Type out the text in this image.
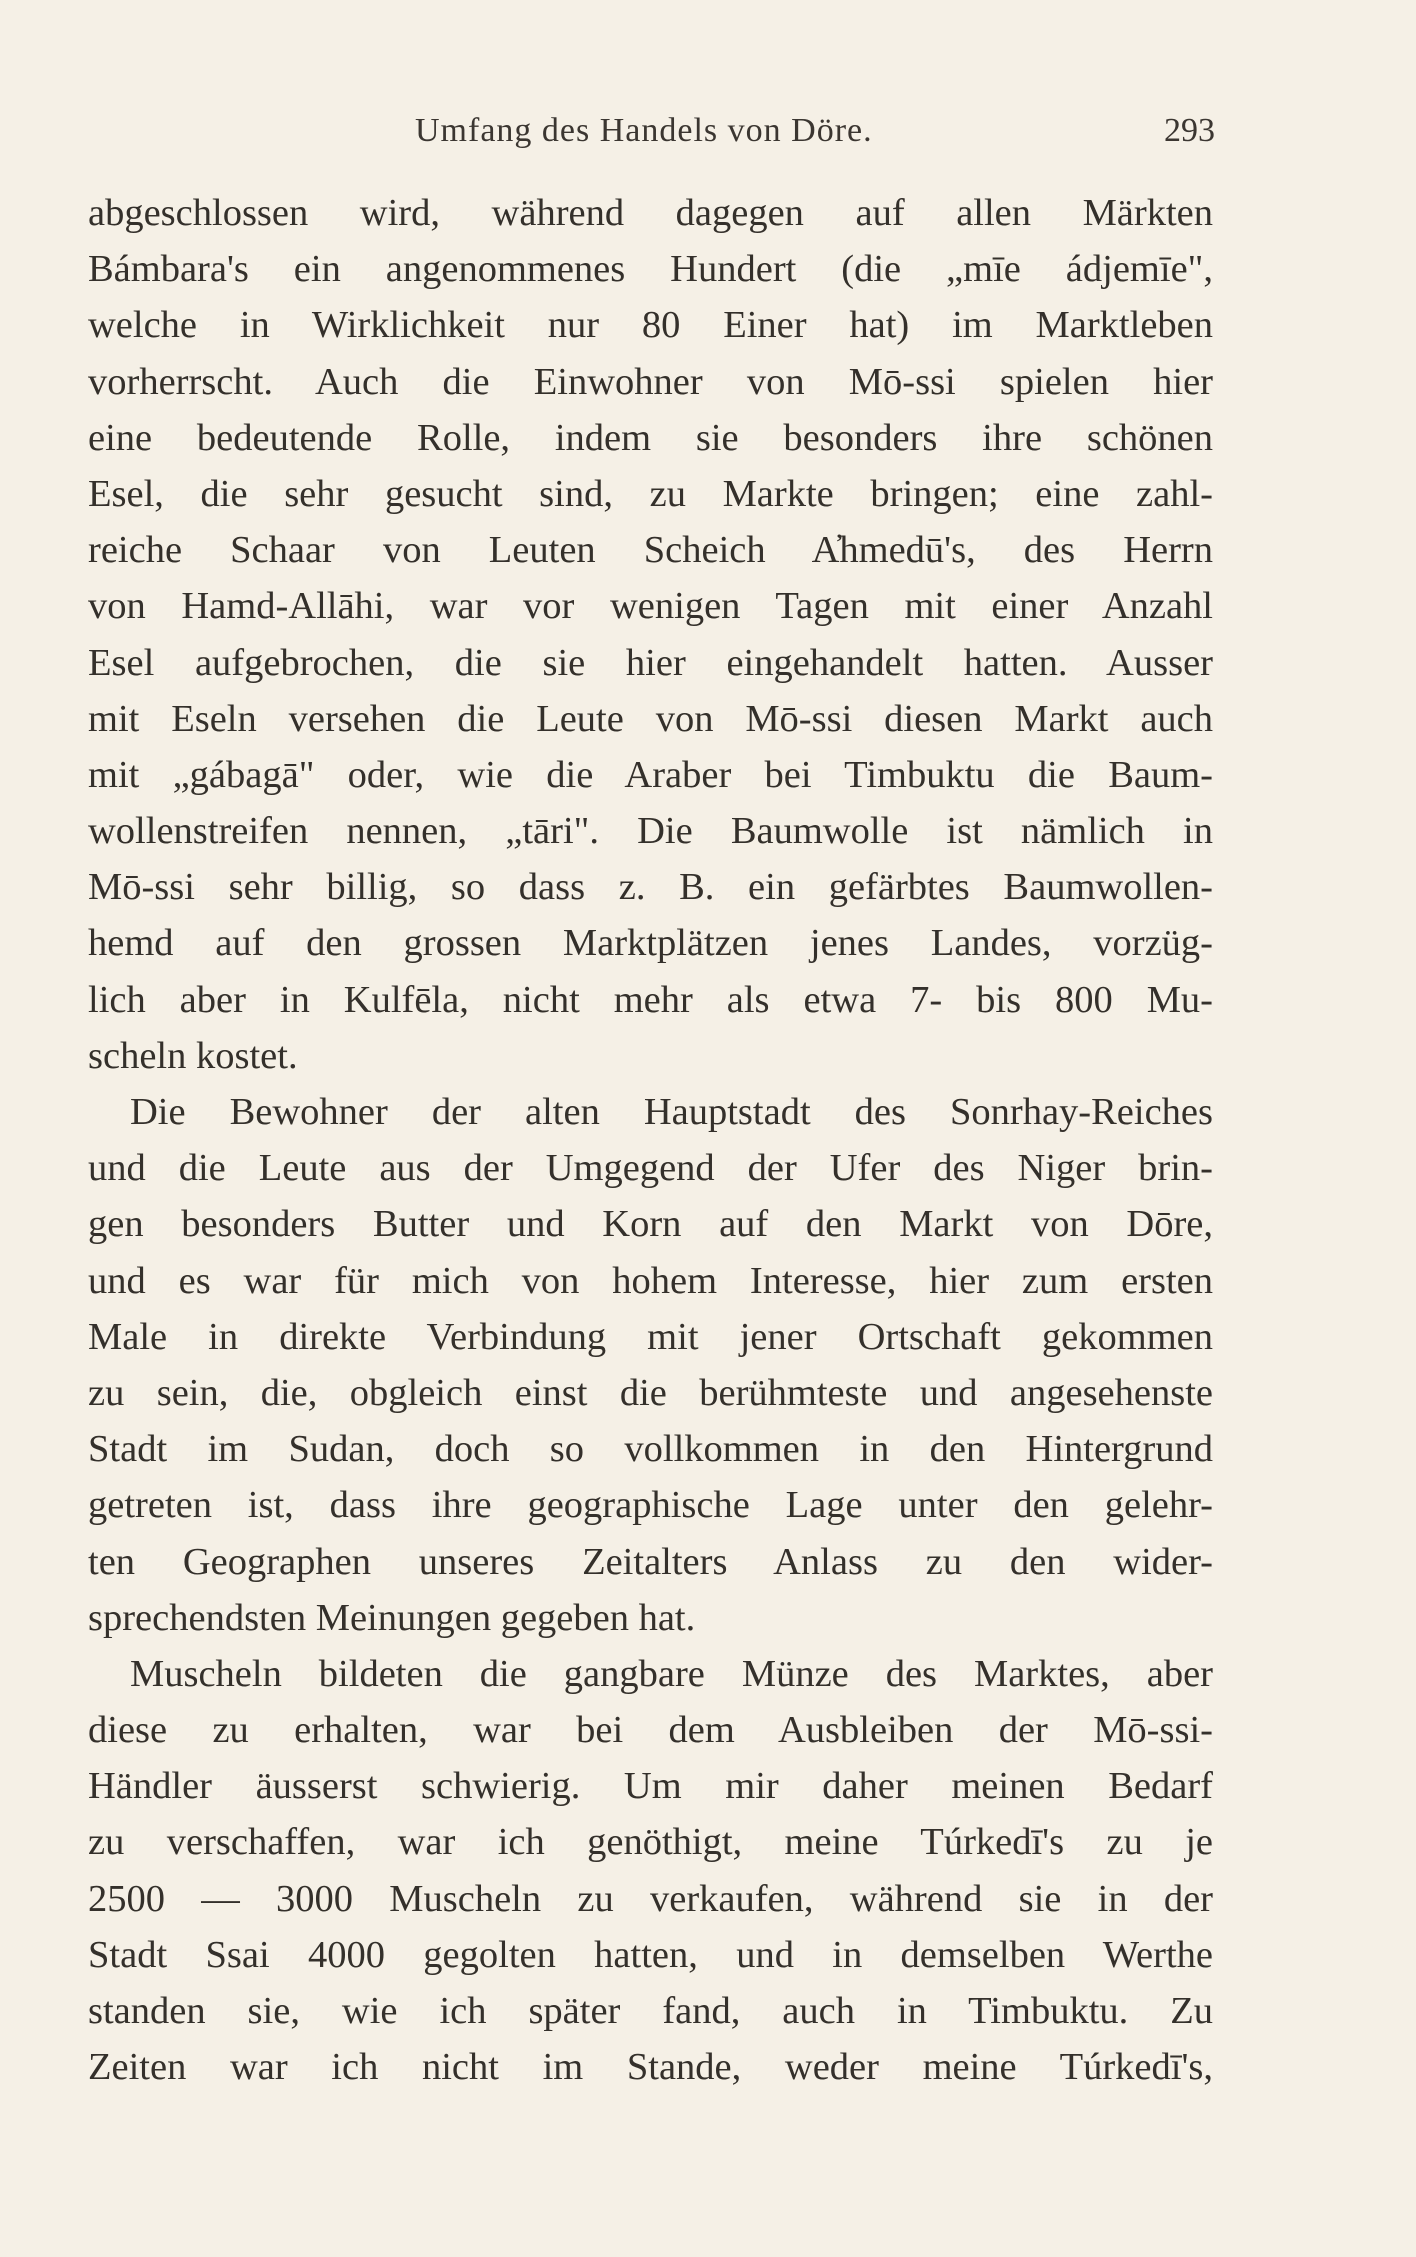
Umfang des Handels von Döre.	293
abgeschlossen wird, während dagegen auf allen Märkten
Bámbara's ein angenommenes Hundert (die „mīe ádjemīe",
welche in Wirklichkeit nur 80 Einer hat) im Marktleben
vorherrscht. Auch die Einwohner von Mō-ssi spielen hier
eine bedeutende Rolle, indem sie besonders ihre schönen
Esel, die sehr gesucht sind, zu Markte bringen; eine zahl-
reiche Schaar von Leuten Scheich A̓hmedū's, des Herrn
von Hamd-Allāhi, war vor wenigen Tagen mit einer Anzahl
Esel aufgebrochen, die sie hier eingehandelt hatten. Ausser
mit Eseln versehen die Leute von Mō-ssi diesen Markt auch
mit „gábagā" oder, wie die Araber bei Timbuktu die Baum-
wollenstreifen nennen, „tāri". Die Baumwolle ist nämlich in
Mō-ssi sehr billig, so dass z. B. ein gefärbtes Baumwollen-
hemd auf den grossen Marktplätzen jenes Landes, vorzüg-
lich aber in Kulfēla, nicht mehr als etwa 7- bis 800 Mu-
scheln kostet.
Die Bewohner der alten Hauptstadt des Sonrhay-Reiches
und die Leute aus der Umgegend der Ufer des Niger brin-
gen besonders Butter und Korn auf den Markt von Dōre,
und es war für mich von hohem Interesse, hier zum ersten
Male in direkte Verbindung mit jener Ortschaft gekommen
zu sein, die, obgleich einst die berühmteste und angesehenste
Stadt im Sudan, doch so vollkommen in den Hintergrund
getreten ist, dass ihre geographische Lage unter den gelehr-
ten Geographen unseres Zeitalters Anlass zu den wider-
sprechendsten Meinungen gegeben hat.
Muscheln bildeten die gangbare Münze des Marktes, aber
diese zu erhalten, war bei dem Ausbleiben der Mō-ssi-
Händler äusserst schwierig. Um mir daher meinen Bedarf
zu verschaffen, war ich genöthigt, meine Túrkedī's zu je
2500 — 3000 Muscheln zu verkaufen, während sie in der
Stadt Ssai 4000 gegolten hatten, und in demselben Werthe
standen sie, wie ich später fand, auch in Timbuktu. Zu
Zeiten war ich nicht im Stande, weder meine Túrkedī's,
